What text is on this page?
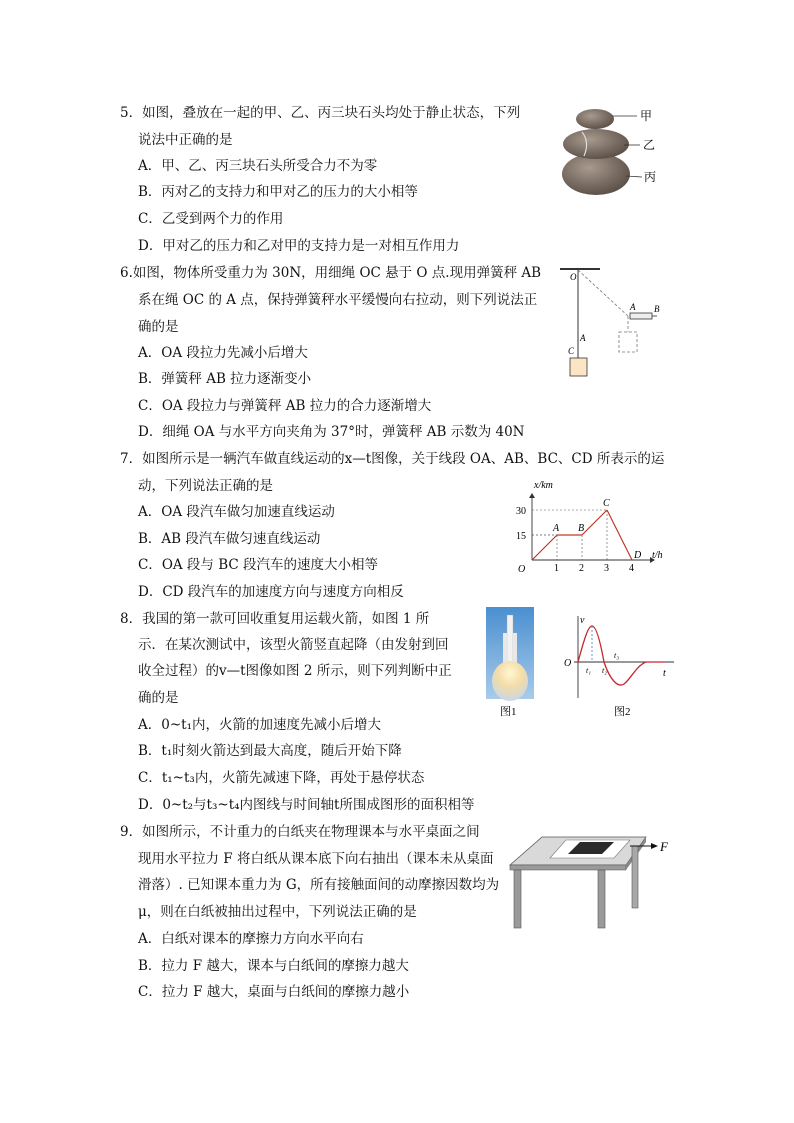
5．如图，叠放在一起的甲、乙、丙三块石头均处于静止状态，下列
说法中正确的是
A．甲、乙、丙三块石头所受合力不为零
B．丙对乙的支持力和甲对乙的压力的大小相等
C．乙受到两个力的作用
D．甲对乙的压力和乙对甲的支持力是一对相互作用力
甲
乙
丙
6.如图，物体所受重力为 30N，用细绳 OC 悬于 O 点.现用弹簧秤 AB
系在绳 OC 的 A 点，保持弹簧秤水平缓慢向右拉动，则下列说法正
确的是
A．OA 段拉力先减小后增大
B．弹簧秤 AB 拉力逐渐变小
C．OA 段拉力与弹簧秤 AB 拉力的合力逐渐增大
D．细绳 OA 与水平方向夹角为 37°时，弹簧秤 AB 示数为 40N
O
A
C
A B
7．如图所示是一辆汽车做直线运动的x—t图像，关于线段 OA、AB、BC、CD 所表示的运
动，下列说法正确的是
A．OA 段汽车做匀加速直线运动
B．AB 段汽车做匀速直线运动
C．OA 段与 BC 段汽车的速度大小相等
D．CD 段汽车的加速度方向与速度方向相反
1 2 3 4
15
30
O
A B
C
D
x/km
t/h
8．我国的第一款可回收重复用运载火箭，如图 1 所
示．在某次测试中，该型火箭竖直起降（由发射到回
收全过程）的v—t图像如图 2 所示，则下列判断中正
确的是
A．0~t₁内，火箭的加速度先减小后增大
B．t₁时刻火箭达到最大高度，随后开始下降
C．t₁~t₃内，火箭先减速下降，再处于悬停状态
D．0~t₂与t₃~t₄内图线与时间轴t所围成图形的面积相等
图1
v
O
t
t₁ t₂
t₃
图2
9．如图所示，不计重力的白纸夹在物理课本与水平桌面之间
现用水平拉力 F 将白纸从课本底下向右抽出（课本未从桌面
滑落）. 已知课本重力为 G，所有接触面间的动摩擦因数均为
μ，则在白纸被抽出过程中，下列说法正确的是
A．白纸对课本的摩擦力方向水平向右
B．拉力 F 越大，课本与白纸间的摩擦力越大
C．拉力 F 越大，桌面与白纸间的摩擦力越小
F
